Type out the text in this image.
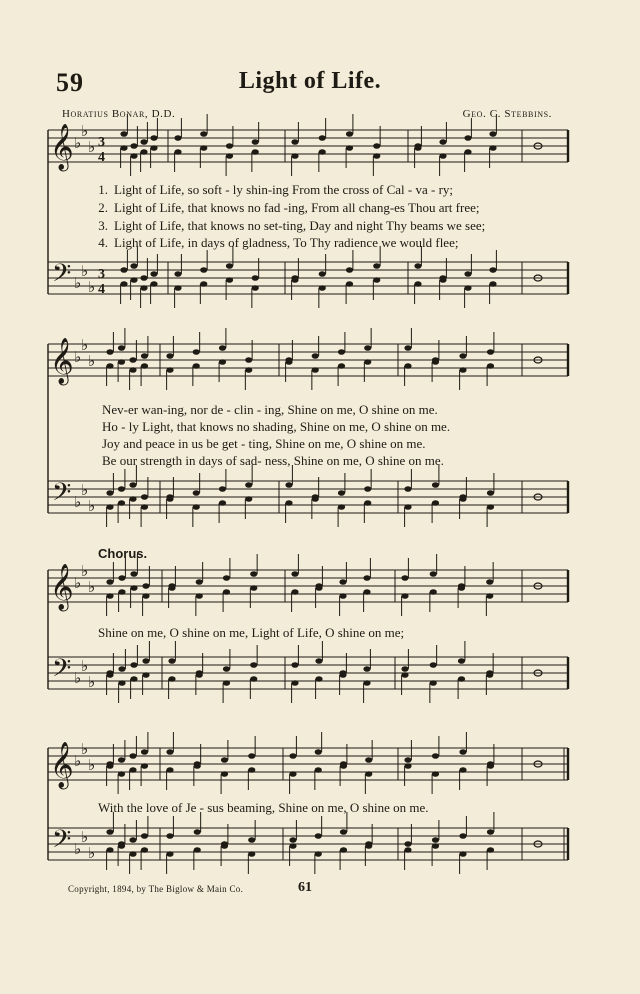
59	Light of Life.
Horatius Bonar, D.D.	Geo. C. Stebbins.
𝄞
𝄢
♭
♭
♭
♭
♭
♭
3
4
3
4
𝄞
𝄢
♭
♭
♭
♭
♭
♭
𝄞
𝄢
♭
♭
♭
♭
♭
♭
𝄞
𝄢
♭
♭
♭
♭
♭
♭
1. Light of Life, so soft - ly shin-ing From the cross of Cal - va - ry;
2. Light of Life, that knows no fad -ing, From all chang-es Thou art free;
3. Light of Life, that knows no set-ting, Day and night Thy beams we see;
4. Light of Life, in days of gladness, To Thy radience we would flee;
Nev-er wan-ing, nor de - clin - ing, Shine on me, O shine on me.
Ho - ly Light, that knows no shading, Shine on me, O shine on me.
Joy and peace in us be get - ting, Shine on me, O shine on me.
Be our strength in days of sad- ness, Shine on me, O shine on me.
Chorus.
Shine on me, O shine on me, Light of Life, O shine on me;
With the love of Je - sus beaming, Shine on me, O shine on me.
Copyright, 1894, by The Biglow & Main Co.	61
